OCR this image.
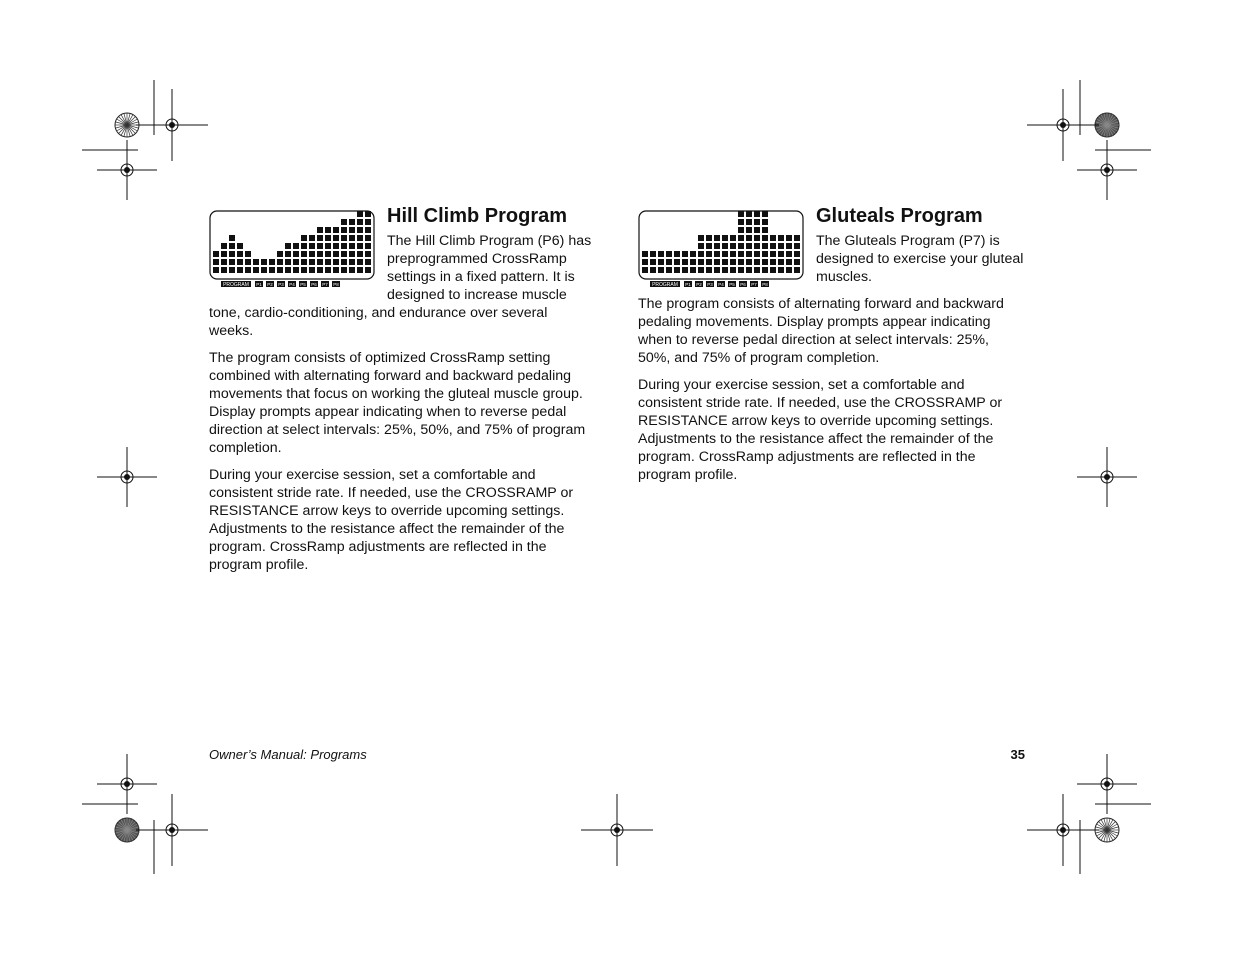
PROGRAM P1 P2 P3 P4 P5 P6 P7 P8
Hill Climb Program

The Hill Climb Program (P6) has preprogrammed CrossRamp settings in a fixed pattern. It is designed to increase muscle tone, cardio-conditioning, and endurance over several weeks.

The program consists of optimized CrossRamp setting combined with alternating forward and backward pedaling movements that focus on working the gluteal muscle group. Display prompts appear indicating when to reverse pedal direction at select intervals: 25%, 50%, and 75% of program completion.

During your exercise session, set a comfortable and consistent stride rate. If needed, use the CROSSRAMP or RESISTANCE arrow keys to override upcoming settings. Adjustments to the resistance affect the remainder of the program. CrossRamp adjustments are reflected in the program profile.

PROGRAM P1 P2 P3 P4 P5 P6 P7 P8
Gluteals Program

The Gluteals Program (P7) is designed to exercise your gluteal muscles.

The program consists of alternating forward and backward pedaling movements. Display prompts appear indicating when to reverse pedal direction at select intervals: 25%, 50%, and 75% of program completion.

During your exercise session, set a comfortable and consistent stride rate. If needed, use the CROSSRAMP or RESISTANCE arrow keys to override upcoming settings. Adjustments to the resistance affect the remainder of the program. CrossRamp adjustments are reflected in the program profile.

Owner’s Manual: Programs	35
